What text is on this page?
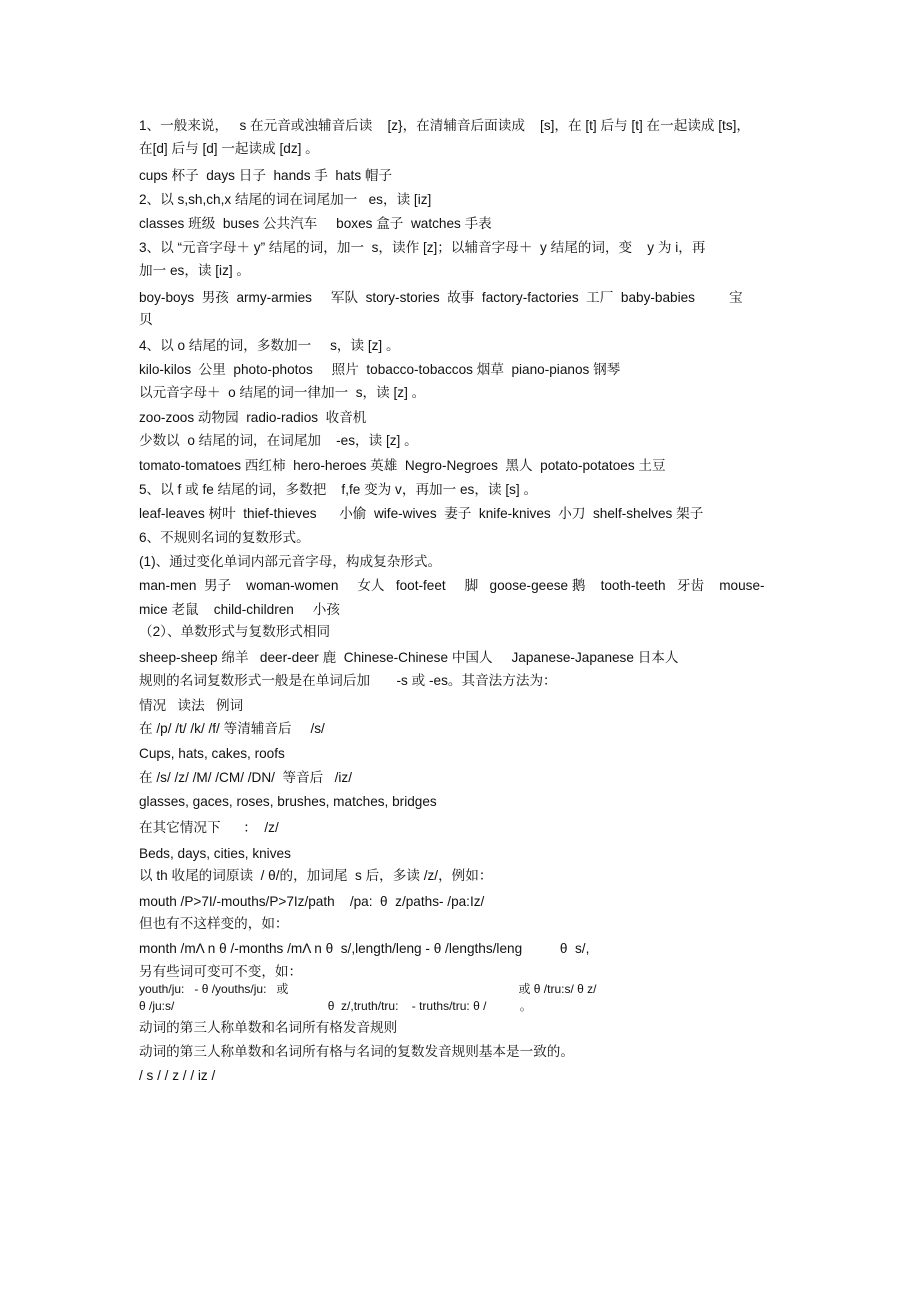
1、一般来说，   s 在元音或浊辅音后读    [z}，在清辅音后面读成    [s]，在 [t] 后与 [t] 在一起读成 [ts]，
在[d] 后与 [d] 一起读成 [dz] 。
cups 杯子  days 日子  hands 手  hats 帽子
2、以 s,sh,ch,x 结尾的词在词尾加一   es，读 [iz]
classes 班级  buses 公共汽车     boxes 盒子  watches 手表
3、以 “元音字母＋ y” 结尾的词，加一  s，读作 [z]；以辅音字母＋  y 结尾的词，变    y 为 i，再
加一 es，读 [iz] 。
boy-boys  男孩  army-armies     军队  story-stories  故事  factory-factories  工厂  baby-babies         宝
贝
4、以 o 结尾的词，多数加一     s，读 [z] 。
kilo-kilos  公里  photo-photos     照片  tobacco-tobaccos 烟草  piano-pianos 钢琴
以元音字母＋  o 结尾的词一律加一  s，读 [z] 。
zoo-zoos 动物园  radio-radios  收音机
少数以  o 结尾的词，在词尾加    -es，读 [z] 。
tomato-tomatoes 西红柿  hero-heroes 英雄  Negro-Negroes  黑人  potato-potatoes 土豆
5、以 f 或 fe 结尾的词，多数把    f,fe 变为 v，再加一 es，读 [s] 。
leaf-leaves 树叶  thief-thieves      小偷  wife-wives  妻子  knife-knives  小刀  shelf-shelves 架子
6、不规则名词的复数形式。
(1)、通过变化单词内部元音字母，构成复杂形式。
man-men  男子    woman-women     女人   foot-feet     脚   goose-geese 鹅    tooth-teeth   牙齿    mouse-
mice 老鼠    child-children     小孩
（2）、单数形式与复数形式相同
sheep-sheep 绵羊   deer-deer 鹿  Chinese-Chinese 中国人     Japanese-Japanese 日本人
规则的名词复数形式一般是在单词后加       -s 或 -es。其音法方法为：
情况   读法   例词
在 /p/ /t/ /k/ /f/ 等清辅音后     /s/
Cups, hats, cakes, roofs
在 /s/ /z/ /M/ /CM/ /DN/  等音后   /iz/
glasses, gaces, roses, brushes, matches, bridges
在其它情况下      ：  /z/
Beds, days, cities, knives
以 th 收尾的词原读  / θ/的，加词尾  s 后，多读 /z/，例如：
mouth /P>7I/-mouths/P>7Iz/path    /pa:  θ  z/paths- /pa:Iz/
但也有不这样变的，如：
month /mΛ n θ /-months /mΛ n θ  s/,length/leng - θ /lengths/leng          θ  s/,
另有些词可变可不变，如：
youth/ju:   - θ /youths/ju:   或                                                                     或 θ /tru:s/ θ z/
θ /ju:s/                                              θ  z/,truth/tru:    - truths/tru: θ /          。
动词的第三人称单数和名词所有格发音规则
动词的第三人称单数和名词所有格与名词的复数发音规则基本是一致的。
/ s / / z / / iz /
